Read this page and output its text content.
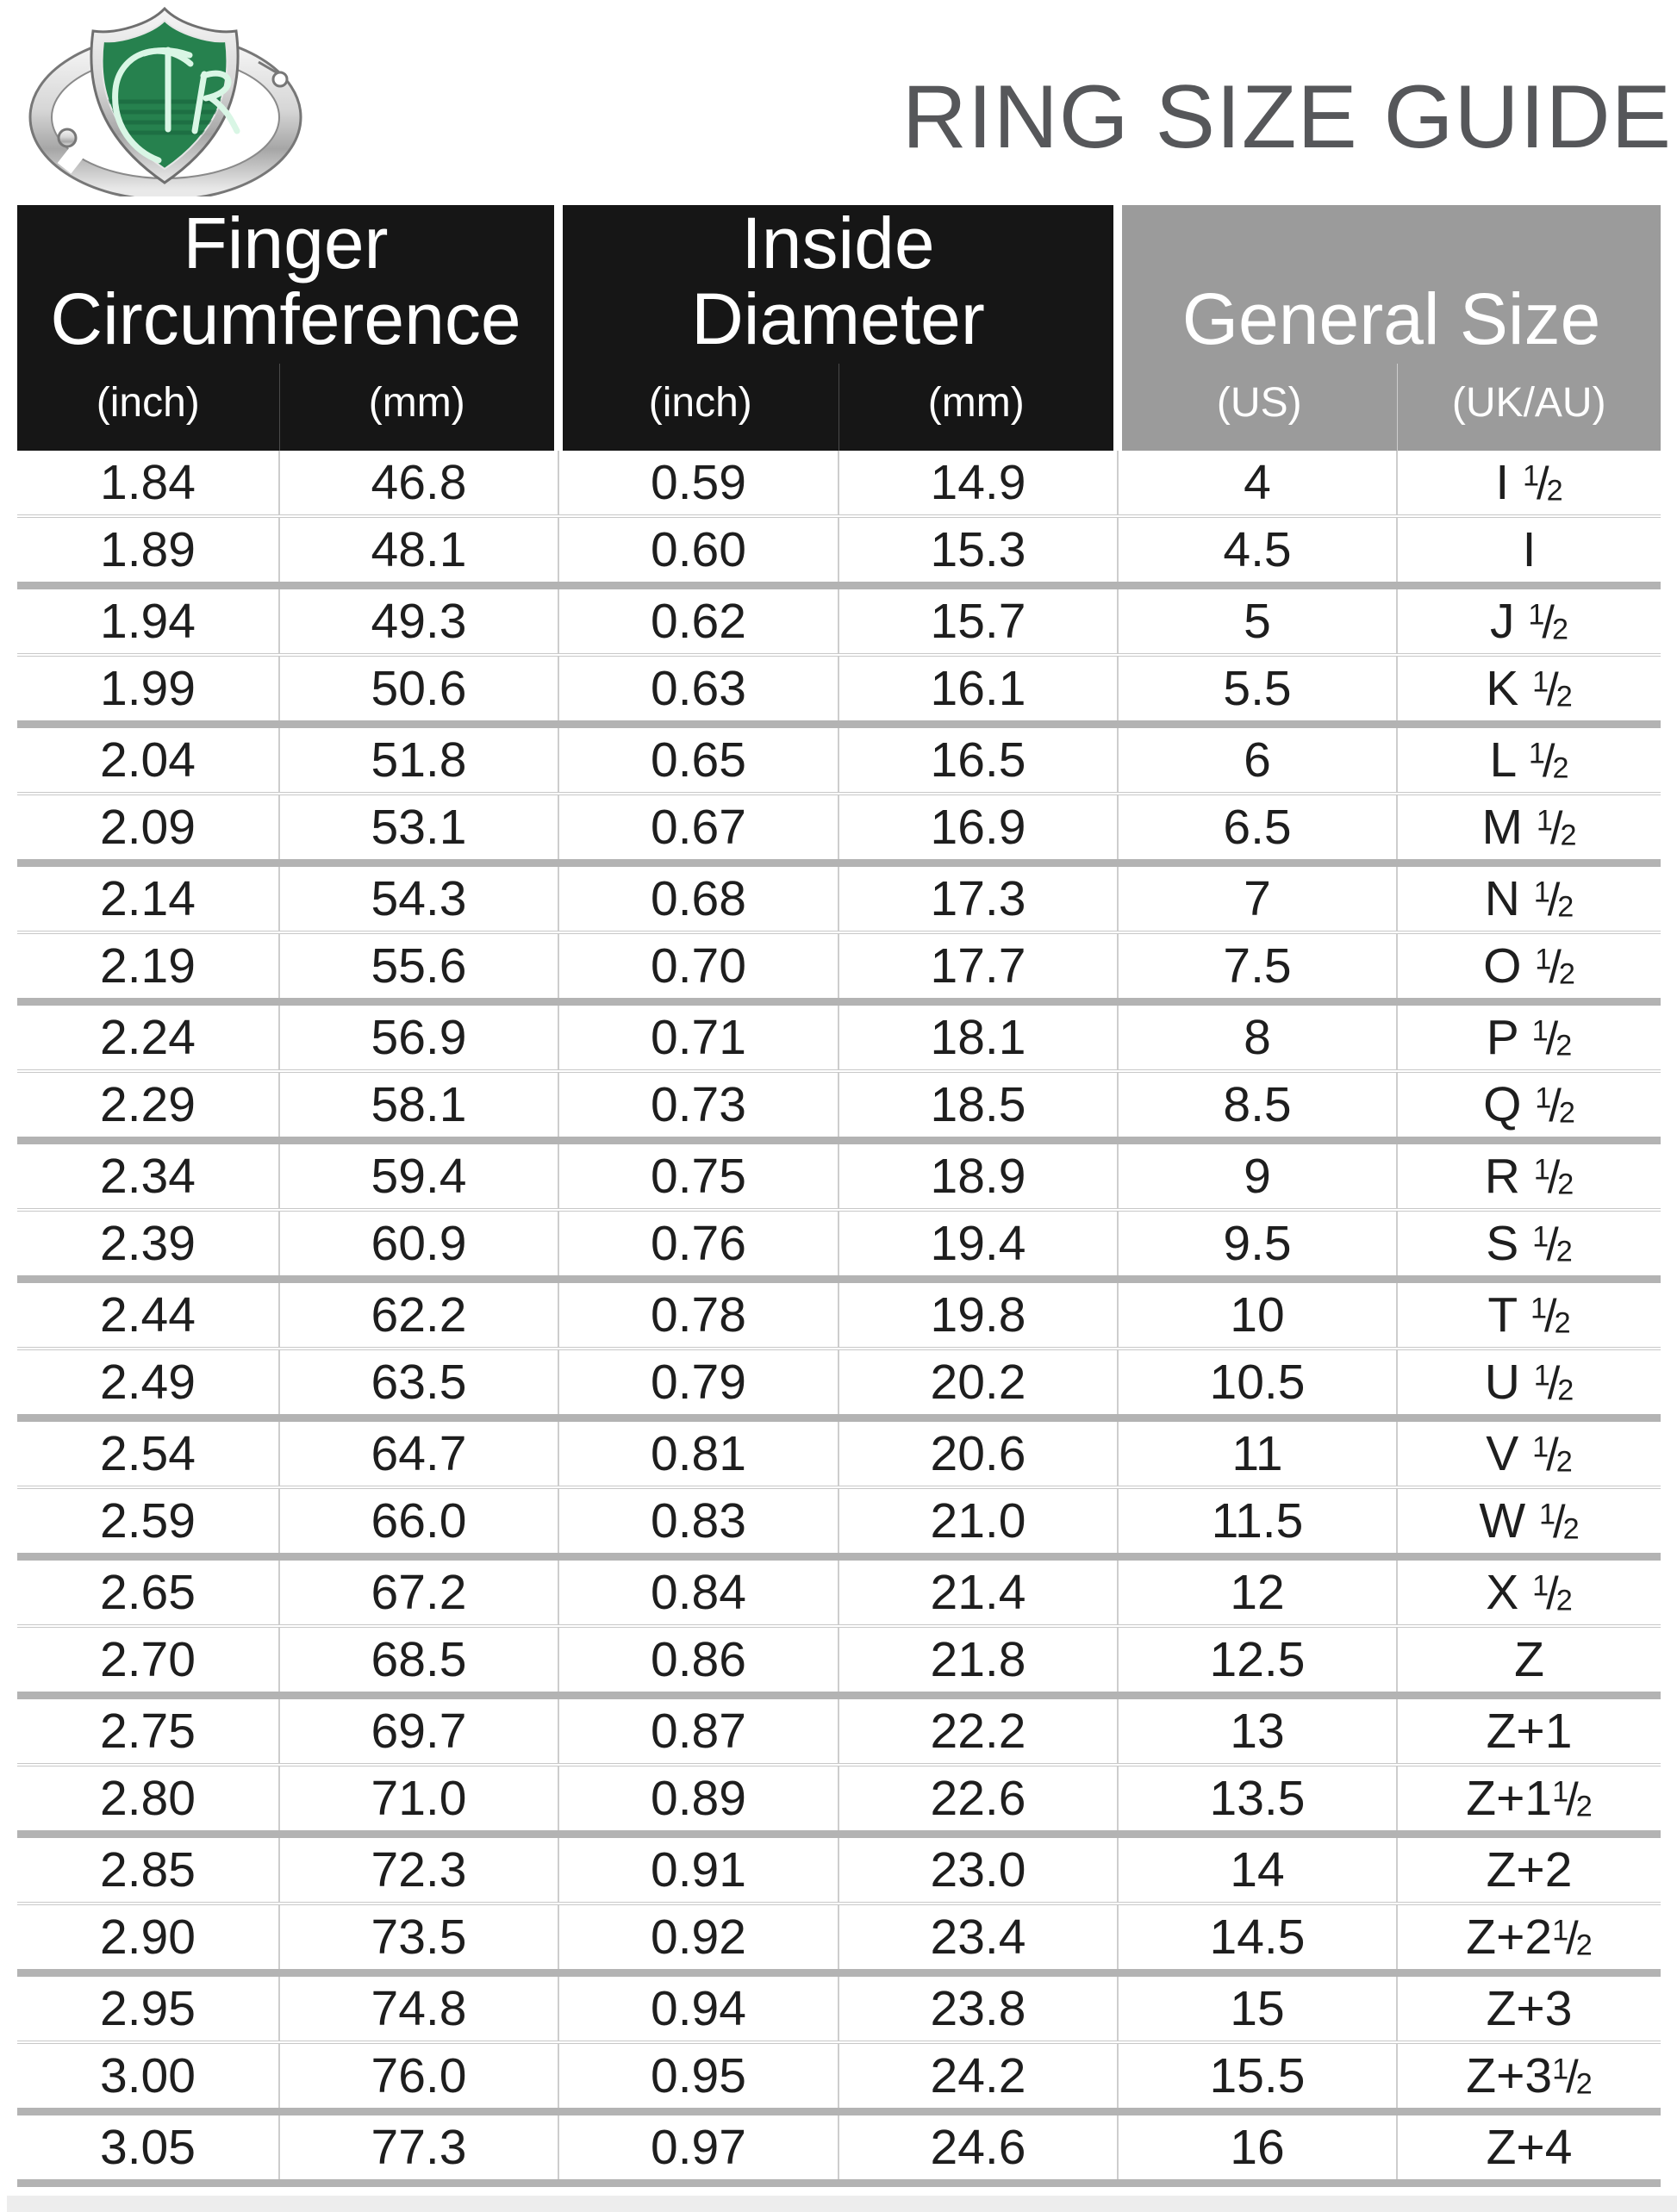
RING SIZE GUIDE
Finger Circumference		Inside Diameter		General Size	
(inch)	(mm)	(inch)	(mm)	(US)	(UK/AU)
1.84	46.8	0.59	14.9	4	I $^1$/2
1.89	48.1	0.60	15.3	4.5	I
1.94	49.3	0.62	15.7	5	J $^1$/2
1.99	50.6	0.63	16.1	5.5	K $^1$/2
2.04	51.8	0.65	16.5	6	L $^1$/2
2.09	53.1	0.67	16.9	6.5	M $^1$/2
2.14	54.3	0.68	17.3	7	N $^1$/2
2.19	55.6	0.70	17.7	7.5	O $^1$/2
2.24	56.9	0.71	18.1	8	P $^1$/2
2.29	58.1	0.73	18.5	8.5	Q $^1$/2
2.34	59.4	0.75	18.9	9	R $^1$/2
2.39	60.9	0.76	19.4	9.5	S $^1$/2
2.44	62.2	0.78	19.8	10	T $^1$/2
2.49	63.5	0.79	20.2	10.5	U $^1$/2
2.54	64.7	0.81	20.6	11	V $^1$/2
2.59	66.0	0.83	21.0	11.5	W $^1$/2
2.65	67.2	0.84	21.4	12	X $^1$/2
2.70	68.5	0.86	21.8	12.5	Z
2.75	69.7	0.87	22.2	13	Z+1
2.80	71.0	0.89	22.6	13.5	Z+1$^1$/2
2.85	72.3	0.91	23.0	14	Z+2
2.90	73.5	0.92	23.4	14.5	Z+2$^1$/2
2.95	74.8	0.94	23.8	15	Z+3
3.00	76.0	0.95	24.2	15.5	Z+3$^1$/2
3.05	77.3	0.97	24.6	16	Z+4
